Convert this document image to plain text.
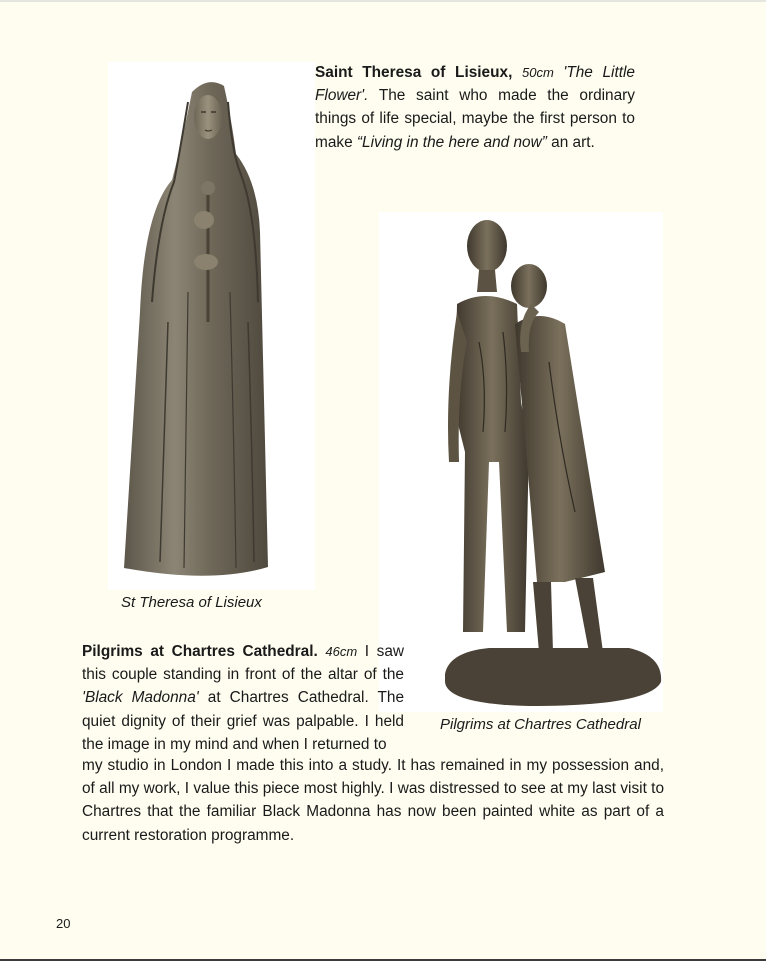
Saint Theresa of Lisieux, 50cm 'The Little Flower'. The saint who made the ordinary things of life special, maybe the first person to make “Living in the here and now” an art.

St Theresa of Lisieux

Pilgrims at Chartres Cathedral

Pilgrims at Chartres Cathedral. 46cm I saw this couple standing in front of the altar of the 'Black Madonna' at Chartres Cathedral. The quiet dignity of their grief was palpable. I held the image in my mind and when I returned to

my studio in London I made this into a study. It has remained in my possession and, of all my work, I value this piece most highly. I was distressed to see at my last visit to Chartres that the familiar Black Madonna has now been painted white as part of a current restoration programme.

20
